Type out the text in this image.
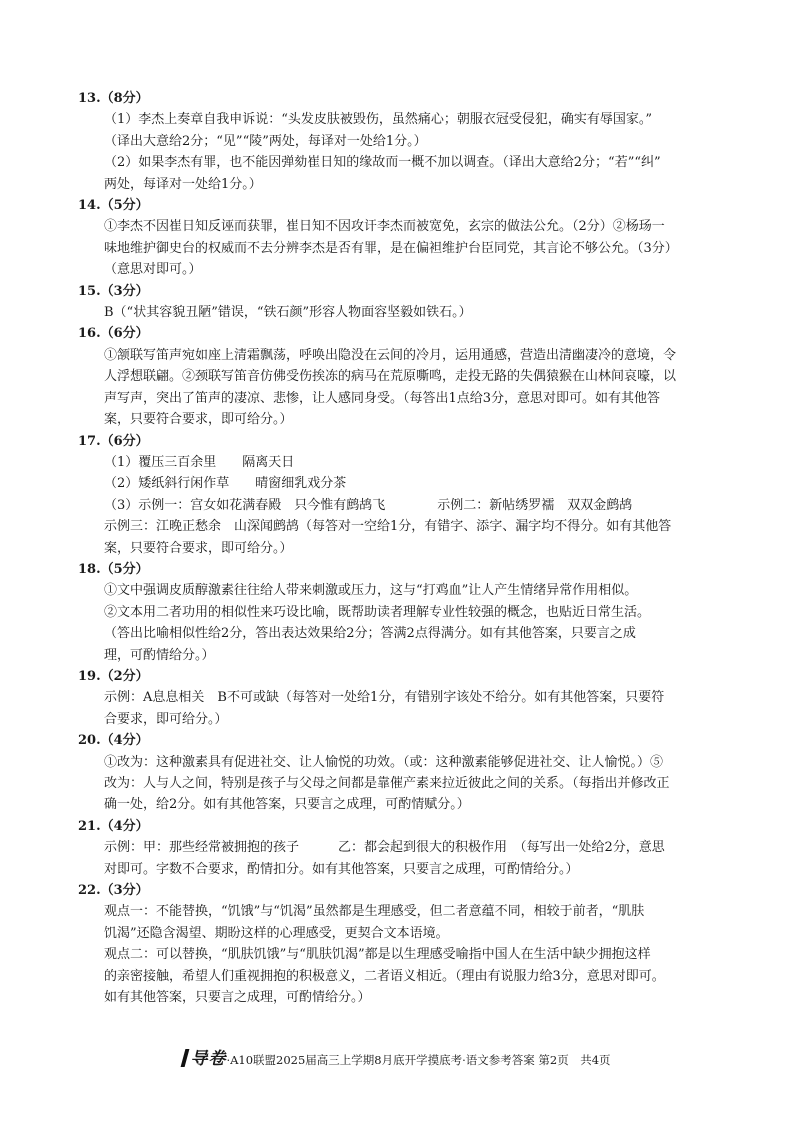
13.（8分）
（1）李杰上奏章自我申诉说：“头发皮肤被毁伤，虽然痛心；朝服衣冠受侵犯，确实有辱国家。”
（译出大意给2分；“见”“陵”两处，每译对一处给1分。）
（2）如果李杰有罪，也不能因弹劾崔日知的缘故而一概不加以调查。（译出大意给2分；“若”“纠”
两处，每译对一处给1分。）
14.（5分）
①李杰不因崔日知反诬而获罪，崔日知不因攻讦李杰而被宽免，玄宗的做法公允。（2分）②杨玚一
味地维护御史台的权威而不去分辨李杰是否有罪，是在偏袒维护台臣同党，其言论不够公允。（3分）
（意思对即可。）
15.（3分）
B（“状其容貌丑陋”错误，“铁石颜”形容人物面容坚毅如铁石。）
16.（6分）
①颔联写笛声宛如座上清霜飘荡，呼唤出隐没在云间的冷月，运用通感，营造出清幽凄冷的意境，令
人浮想联翩。②颈联写笛音仿佛受伤挨冻的病马在荒原嘶鸣，走投无路的失偶猿猴在山林间哀嚎，以
声写声，突出了笛声的凄凉、悲惨，让人感同身受。（每答出1点给3分，意思对即可。如有其他答
案，只要符合要求，即可给分。）
17.（6分）
（1）覆压三百余里　　隔离天日
（2）矮纸斜行闲作草　　晴窗细乳戏分茶
（3）示例一：宫女如花满春殿　只今惟有鹧鸪飞　　　　示例二：新帖绣罗襦　双双金鹧鸪
示例三：江晚正愁余　山深闻鹧鸪（每答对一空给1分，有错字、添字、漏字均不得分。如有其他答
案，只要符合要求，即可给分。）
18.（5分）
①文中强调皮质醇激素往往给人带来刺激或压力，这与“打鸡血”让人产生情绪异常作用相似。
②文本用二者功用的相似性来巧设比喻，既帮助读者理解专业性较强的概念，也贴近日常生活。
（答出比喻相似性给2分，答出表达效果给2分；答满2点得满分。如有其他答案，只要言之成
理，可酌情给分。）
19.（2分）
示例：A息息相关　B不可或缺（每答对一处给1分，有错别字该处不给分。如有其他答案，只要符
合要求，即可给分。）
20.（4分）
①改为：这种激素具有促进社交、让人愉悦的功效。（或：这种激素能够促进社交、让人愉悦。）⑤
改为：人与人之间，特别是孩子与父母之间都是靠催产素来拉近彼此之间的关系。（每指出并修改正
确一处，给2分。如有其他答案，只要言之成理，可酌情赋分。）
21.（4分）
示例：甲：那些经常被拥抱的孩子　　　乙：都会起到很大的积极作用　（每写出一处给2分，意思
对即可。字数不合要求，酌情扣分。如有其他答案，只要言之成理，可酌情给分。）
22.（3分）
观点一：不能替换，“饥饿”与“饥渴”虽然都是生理感受，但二者意蕴不同，相较于前者，“肌肤
饥渴”还隐含渴望、期盼这样的心理感受，更契合文本语境。
观点二：可以替换，“肌肤饥饿”与“肌肤饥渴”都是以生理感受喻指中国人在生活中缺少拥抱这样
的亲密接触，希望人们重视拥抱的积极意义，二者语义相近。（理由有说服力给3分，意思对即可。
如有其他答案，只要言之成理，可酌情给分。）
导卷·A10联盟2025届高三上学期8月底开学摸底考·语文参考答案 第2页　共4页
